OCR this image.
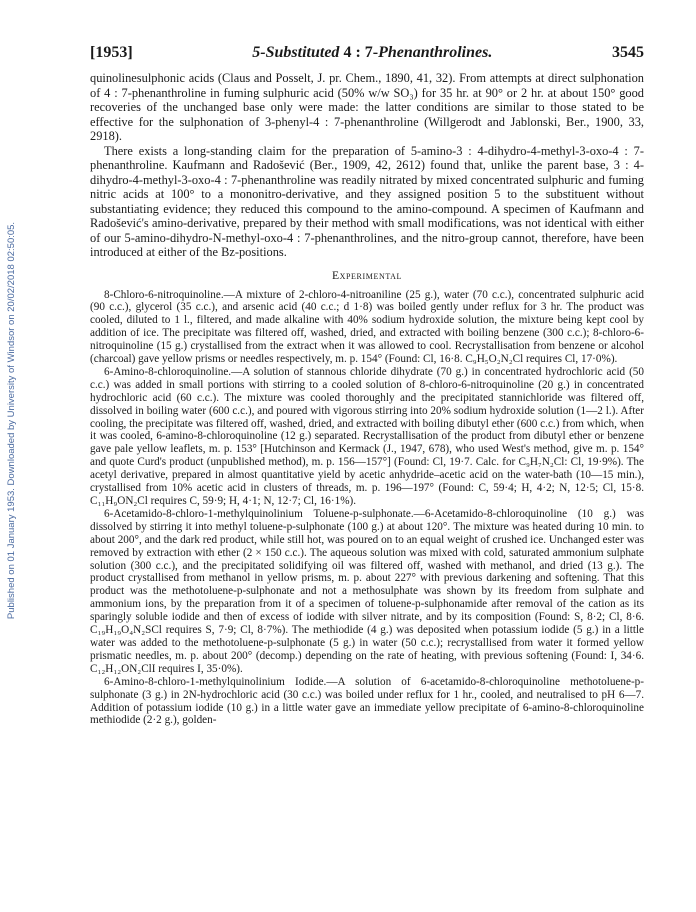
Published on 01 January 1953. Downloaded by University of Windsor on 20/02/2018 02:50:05.
[1953]	5-Substituted 4 : 7-Phenanthrolines.	3545

quinolinesulphonic acids (Claus and Posselt, J. pr. Chem., 1890, 41, 32). From attempts at direct sulphonation of 4 : 7-phenanthroline in fuming sulphuric acid (50% w/w SO₃) for 35 hr. at 90° or 2 hr. at about 150° good recoveries of the unchanged base only were made: the latter conditions are similar to those stated to be effective for the sulphonation of 3-phenyl-4 : 7-phenanthroline (Willgerodt and Jablonski, Ber., 1900, 33, 2918).

There exists a long-standing claim for the preparation of 5-amino-3 : 4-dihydro-4-methyl-3-oxo-4 : 7-phenanthroline. Kaufmann and Radošević (Ber., 1909, 42, 2612) found that, unlike the parent base, 3 : 4-dihydro-4-methyl-3-oxo-4 : 7-phenanthroline was readily nitrated by mixed concentrated sulphuric and fuming nitric acids at 100° to a mononitro-derivative, and they assigned position 5 to the substituent without substantiating evidence; they reduced this compound to the amino-compound. A specimen of Kaufmann and Radošević's amino-derivative, prepared by their method with small modifications, was not identical with either of our 5-amino-dihydro-N-methyl-oxo-4 : 7-phenanthrolines, and the nitro-group cannot, therefore, have been introduced at either of the Bz-positions.

Experimental

8-Chloro-6-nitroquinoline.—A mixture of 2-chloro-4-nitroaniline (25 g.), water (70 c.c.), concentrated sulphuric acid (90 c.c.), glycerol (35 c.c.), and arsenic acid (40 c.c.; d 1·8) was boiled gently under reflux for 3 hr. The product was cooled, diluted to 1 l., filtered, and made alkaline with 40% sodium hydroxide solution, the mixture being kept cool by addition of ice. The precipitate was filtered off, washed, dried, and extracted with boiling benzene (300 c.c.); 8-chloro-6-nitroquinoline (15 g.) crystallised from the extract when it was allowed to cool. Recrystallisation from benzene or alcohol (charcoal) gave yellow prisms or needles respectively, m. p. 154° (Found: Cl, 16·8. C₉H₅O₂N₂Cl requires Cl, 17·0%).

6-Amino-8-chloroquinoline.—A solution of stannous chloride dihydrate (70 g.) in concentrated hydrochloric acid (50 c.c.) was added in small portions with stirring to a cooled solution of 8-chloro-6-nitroquinoline (20 g.) in concentrated hydrochloric acid (60 c.c.). The mixture was cooled thoroughly and the precipitated stannichloride was filtered off, dissolved in boiling water (600 c.c.), and poured with vigorous stirring into 20% sodium hydroxide solution (1—2 l.). After cooling, the precipitate was filtered off, washed, dried, and extracted with boiling dibutyl ether (600 c.c.) from which, when it was cooled, 6-amino-8-chloroquinoline (12 g.) separated. Recrystallisation of the product from dibutyl ether or benzene gave pale yellow leaflets, m. p. 153° [Hutchinson and Kermack (J., 1947, 678), who used West's method, give m. p. 154° and quote Curd's product (unpublished method), m. p. 156—157°] (Found: Cl, 19·7. Calc. for C₉H₇N₂Cl: Cl, 19·9%). The acetyl derivative, prepared in almost quantitative yield by acetic anhydride–acetic acid on the water-bath (10—15 min.), crystallised from 10% acetic acid in clusters of threads, m. p. 196—197° (Found: C, 59·4; H, 4·2; N, 12·5; Cl, 15·8. C₁₁H₉ON₂Cl requires C, 59·9; H, 4·1; N, 12·7; Cl, 16·1%).

6-Acetamido-8-chloro-1-methylquinolinium Toluene-p-sulphonate.—6-Acetamido-8-chloroquinoline (10 g.) was dissolved by stirring it into methyl toluene-p-sulphonate (100 g.) at about 120°. The mixture was heated during 10 min. to about 200°, and the dark red product, while still hot, was poured on to an equal weight of crushed ice. Unchanged ester was removed by extraction with ether (2 × 150 c.c.). The aqueous solution was mixed with cold, saturated ammonium sulphate solution (300 c.c.), and the precipitated solidifying oil was filtered off, washed with methanol, and dried (13 g.). The product crystallised from methanol in yellow prisms, m. p. about 227° with previous darkening and softening. That this product was the methotoluene-p-sulphonate and not a methosulphate was shown by its freedom from sulphate and ammonium ions, by the preparation from it of a specimen of toluene-p-sulphonamide after removal of the cation as its sparingly soluble iodide and then of excess of iodide with silver nitrate, and by its composition (Found: S, 8·2; Cl, 8·6. C₁₉H₁₉O₄N₂SCl requires S, 7·9; Cl, 8·7%). The methiodide (4 g.) was deposited when potassium iodide (5 g.) in a little water was added to the methotoluene-p-sulphonate (5 g.) in water (50 c.c.); recrystallised from water it formed yellow prismatic needles, m. p. about 200° (decomp.) depending on the rate of heating, with previous softening (Found: I, 34·6. C₁₂H₁₂ON₂ClI requires I, 35·0%).

6-Amino-8-chloro-1-methylquinolinium Iodide.—A solution of 6-acetamido-8-chloroquinoline methotoluene-p-sulphonate (3 g.) in 2N-hydrochloric acid (30 c.c.) was boiled under reflux for 1 hr., cooled, and neutralised to pH 6—7. Addition of potassium iodide (10 g.) in a little water gave an immediate yellow precipitate of 6-amino-8-chloroquinoline methiodide (2·2 g.), golden-
